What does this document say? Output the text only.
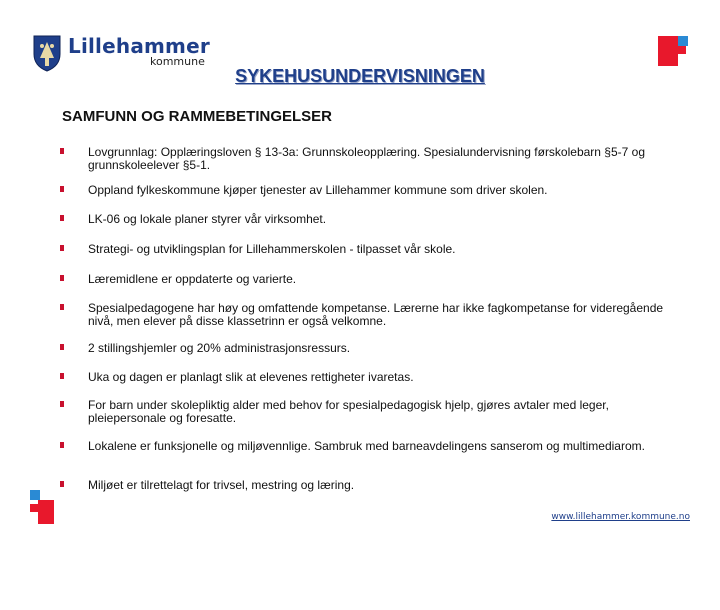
Lillehammer
kommune
SYKEHUSUNDERVISNINGEN
SAMFUNN OG RAMMEBETINGELSER
Lovgrunnlag: Opplæringsloven § 13-3a: Grunnskoleopplæring. Spesialundervisning førskolebarn §5-7 og grunnskoleelever §5-1.
Oppland fylkeskommune kjøper tjenester av Lillehammer kommune som driver skolen.
LK-06 og lokale planer styrer vår virksomhet.
Strategi- og utviklingsplan for Lillehammerskolen - tilpasset vår skole.
Læremidlene er oppdaterte og varierte.
Spesialpedagogene har høy og omfattende kompetanse. Lærerne har ikke fagkompetanse for videregående nivå, men elever på disse klassetrinn er også velkomne.
2 stillingshjemler og 20% administrasjonsressurs.
Uka og dagen er planlagt slik at elevenes rettigheter ivaretas.
For barn under skolepliktig alder med behov for spesialpedagogisk hjelp, gjøres avtaler med leger, pleiepersonale og foresatte.
Lokalene er funksjonelle og miljøvennlige. Sambruk med barneavdelingens sanserom og multimediarom.
Miljøet er tilrettelagt for trivsel, mestring og læring.
www.lillehammer.kommune.no
